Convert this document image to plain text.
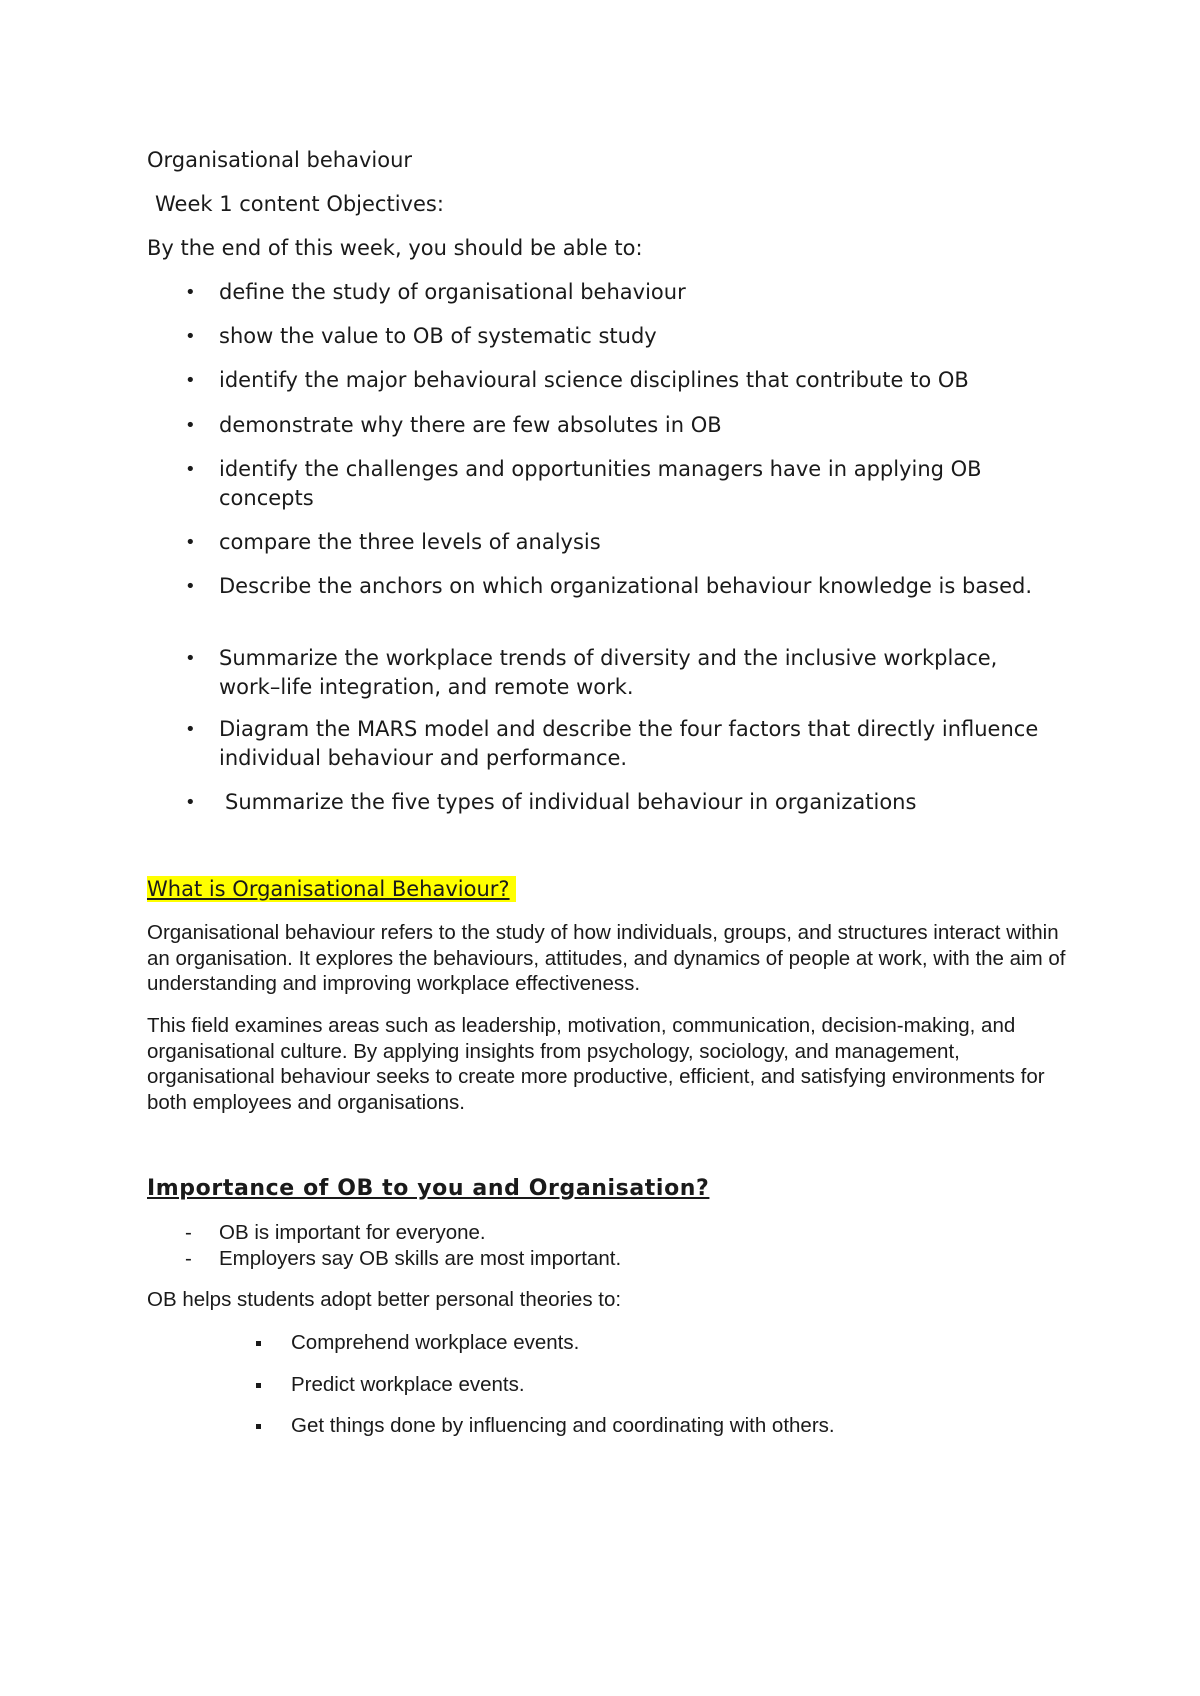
Organisational behaviour
Week 1 content Objectives:
By the end of this week, you should be able to:
• define the study of organisational behaviour
• show the value to OB of systematic study
• identify the major behavioural science disciplines that contribute to OB
• demonstrate why there are few absolutes in OB
• identify the challenges and opportunities managers have in applying OB concepts
• compare the three levels of analysis
• Describe the anchors on which organizational behaviour knowledge is based.
• Summarize the workplace trends of diversity and the inclusive workplace, work–life integration, and remote work.
• Diagram the MARS model and describe the four factors that directly influence individual behaviour and performance.
• Summarize the five types of individual behaviour in organizations
What is Organisational Behaviour?

Organisational behaviour refers to the study of how individuals, groups, and structures interact within an organisation. It explores the behaviours, attitudes, and dynamics of people at work, with the aim of understanding and improving workplace effectiveness.

This field examines areas such as leadership, motivation, communication, decision-making, and organisational culture. By applying insights from psychology, sociology, and management, organisational behaviour seeks to create more productive, efficient, and satisfying environments for both employees and organisations.

Importance of OB to you and Organisation?
- OB is important for everyone.
- Employers say OB skills are most important.
OB helps students adopt better personal theories to:
Comprehend workplace events.
Predict workplace events.
Get things done by influencing and coordinating with others.
